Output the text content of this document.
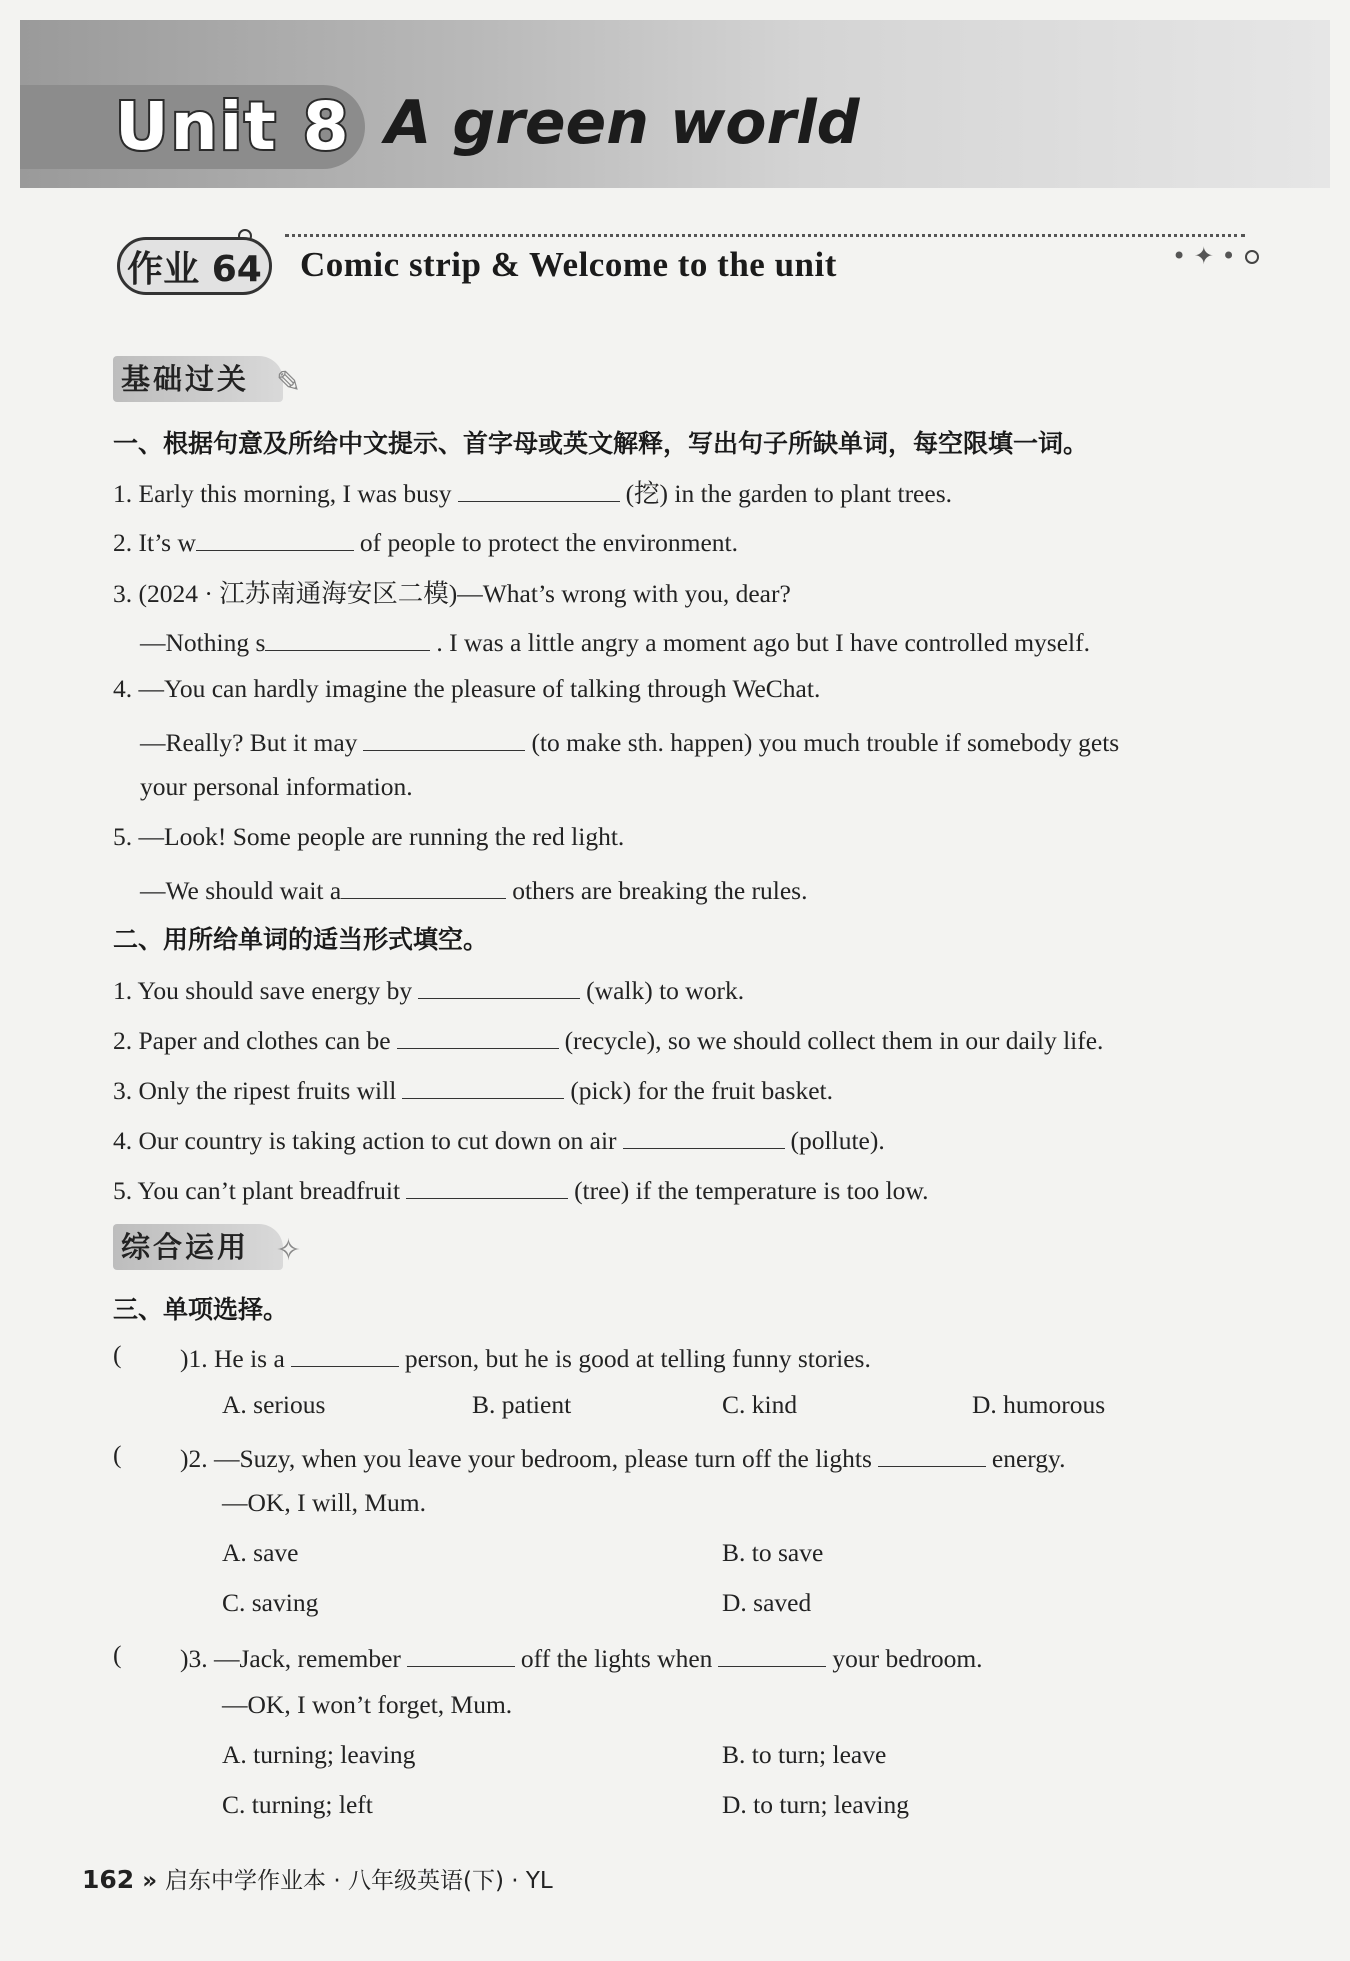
Unit 8 A green world
作业 64 Comic strip & Welcome to the unit	• ✦ •
基础过关 ✎
一、根据句意及所给中文提示、首字母或英文解释，写出句子所缺单词，每空限填一词。
1. Early this morning, I was busy	(挖) in the garden to plant trees.
2. It’s w	of people to protect the environment.
3. (2024 · 江苏南通海安区二模)—What’s wrong with you, dear?
—Nothing s	. I was a little angry a moment ago but I have controlled myself.
4. —You can hardly imagine the pleasure of talking through WeChat.
—Really? But it may	(to make sth. happen) you much trouble if somebody gets
your personal information.
5. —Look! Some people are running the red light.
—We should wait a	others are breaking the rules.
二、用所给单词的适当形式填空。
1. You should save energy by	(walk) to work.
2. Paper and clothes can be	(recycle), so we should collect them in our daily life.
3. Only the ripest fruits will	(pick) for the fruit basket.
4. Our country is taking action to cut down on air	(pollute).
5. You can’t plant breadfruit	(tree) if the temperature is too low.
综合运用 ✧
三、单项选择。
( )1. He is a	person, but he is good at telling funny stories.
A. serious	B. patient	C. kind	D. humorous
( )2. —Suzy, when you leave your bedroom, please turn off the lights	energy.
—OK, I will, Mum.
A. save	B. to save
C. saving	D. saved
( )3. —Jack, remember	off the lights when	your bedroom.
—OK, I won’t forget, Mum.
A. turning; leaving	B. to turn; leave
C. turning; left	D. to turn; leaving
162 » 启东中学作业本 · 八年级英语(下) · YL
